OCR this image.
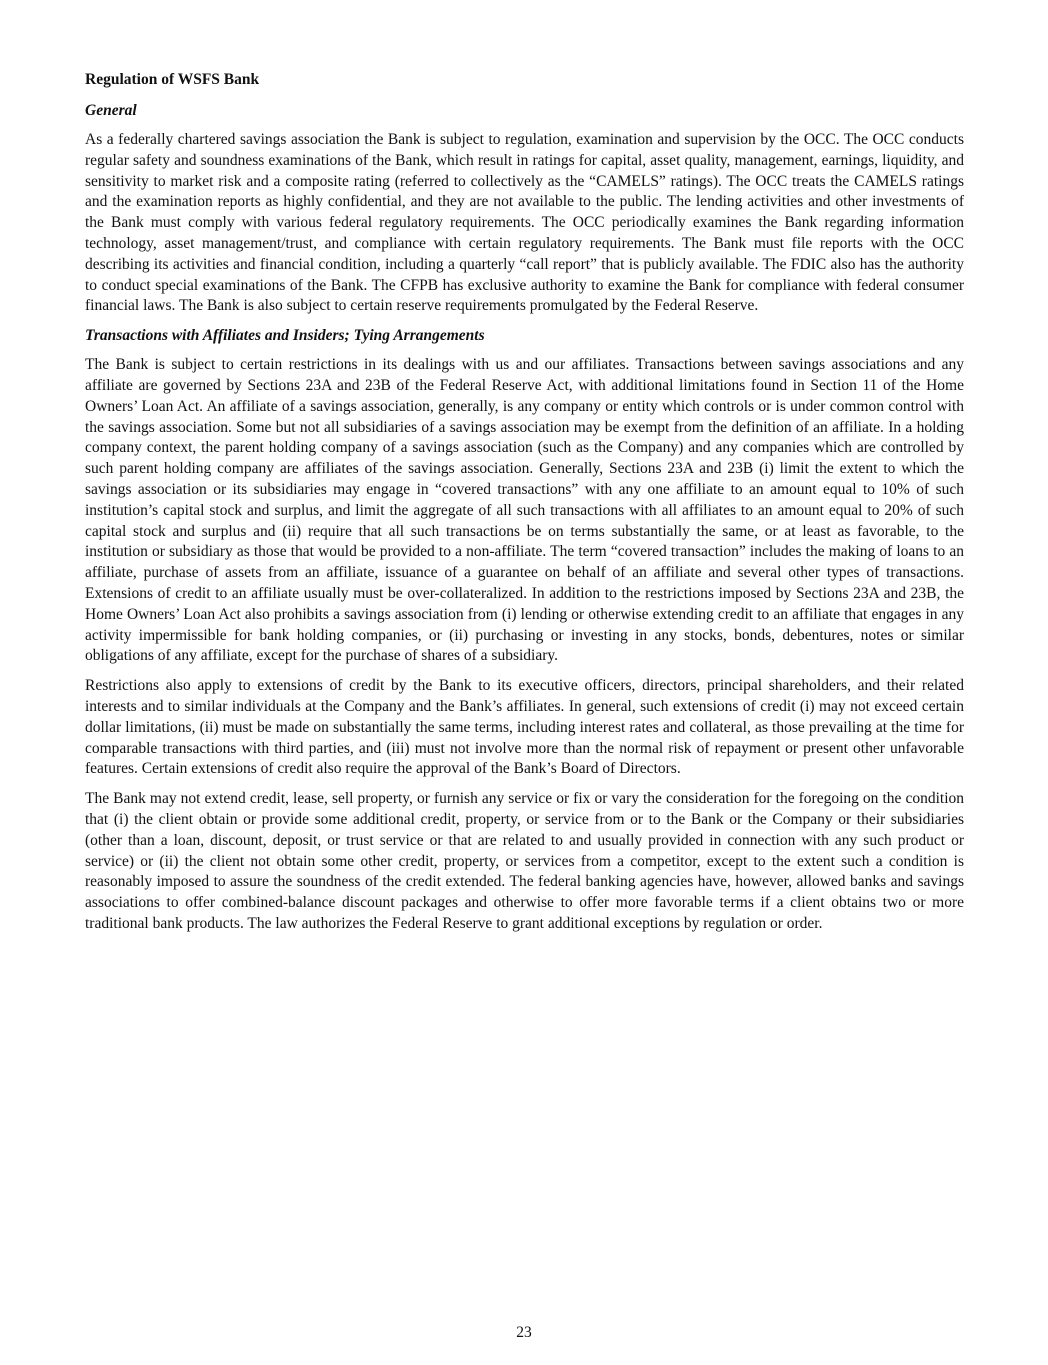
Regulation of WSFS Bank
General

As a federally chartered savings association the Bank is subject to regulation, examination and supervision by the OCC. The OCC conducts regular safety and soundness examinations of the Bank, which result in ratings for capital, asset quality, management, earnings, liquidity, and sensitivity to market risk and a composite rating (referred to collectively as the “CAMELS” ratings). The OCC treats the CAMELS ratings and the examination reports as highly confidential, and they are not available to the public. The lending activities and other investments of the Bank must comply with various federal regulatory requirements. The OCC periodically examines the Bank regarding information technology, asset management/trust, and compliance with certain regulatory requirements. The Bank must file reports with the OCC describing its activities and financial condition, including a quarterly “call report” that is publicly available. The FDIC also has the authority to conduct special examinations of the Bank. The CFPB has exclusive authority to examine the Bank for compliance with federal consumer financial laws. The Bank is also subject to certain reserve requirements promulgated by the Federal Reserve.

Transactions with Affiliates and Insiders; Tying Arrangements

The Bank is subject to certain restrictions in its dealings with us and our affiliates. Transactions between savings associations and any affiliate are governed by Sections 23A and 23B of the Federal Reserve Act, with additional limitations found in Section 11 of the Home Owners’ Loan Act. An affiliate of a savings association, generally, is any company or entity which controls or is under common control with the savings association. Some but not all subsidiaries of a savings association may be exempt from the definition of an affiliate. In a holding company context, the parent holding company of a savings association (such as the Company) and any companies which are controlled by such parent holding company are affiliates of the savings association. Generally, Sections 23A and 23B (i) limit the extent to which the savings association or its subsidiaries may engage in “covered transactions” with any one affiliate to an amount equal to 10% of such institution’s capital stock and surplus, and limit the aggregate of all such transactions with all affiliates to an amount equal to 20% of such capital stock and surplus and (ii) require that all such transactions be on terms substantially the same, or at least as favorable, to the institution or subsidiary as those that would be provided to a non-affiliate. The term “covered transaction” includes the making of loans to an affiliate, purchase of assets from an affiliate, issuance of a guarantee on behalf of an affiliate and several other types of transactions. Extensions of credit to an affiliate usually must be over-collateralized. In addition to the restrictions imposed by Sections 23A and 23B, the Home Owners’ Loan Act also prohibits a savings association from (i) lending or otherwise extending credit to an affiliate that engages in any activity impermissible for bank holding companies, or (ii) purchasing or investing in any stocks, bonds, debentures, notes or similar obligations of any affiliate, except for the purchase of shares of a subsidiary.

Restrictions also apply to extensions of credit by the Bank to its executive officers, directors, principal shareholders, and their related interests and to similar individuals at the Company and the Bank’s affiliates. In general, such extensions of credit (i) may not exceed certain dollar limitations, (ii) must be made on substantially the same terms, including interest rates and collateral, as those prevailing at the time for comparable transactions with third parties, and (iii) must not involve more than the normal risk of repayment or present other unfavorable features. Certain extensions of credit also require the approval of the Bank’s Board of Directors.

The Bank may not extend credit, lease, sell property, or furnish any service or fix or vary the consideration for the foregoing on the condition that (i) the client obtain or provide some additional credit, property, or service from or to the Bank or the Company or their subsidiaries (other than a loan, discount, deposit, or trust service or that are related to and usually provided in connection with any such product or service) or (ii) the client not obtain some other credit, property, or services from a competitor, except to the extent such a condition is reasonably imposed to assure the soundness of the credit extended. The federal banking agencies have, however, allowed banks and savings associations to offer combined-balance discount packages and otherwise to offer more favorable terms if a client obtains two or more traditional bank products. The law authorizes the Federal Reserve to grant additional exceptions by regulation or order.

23
